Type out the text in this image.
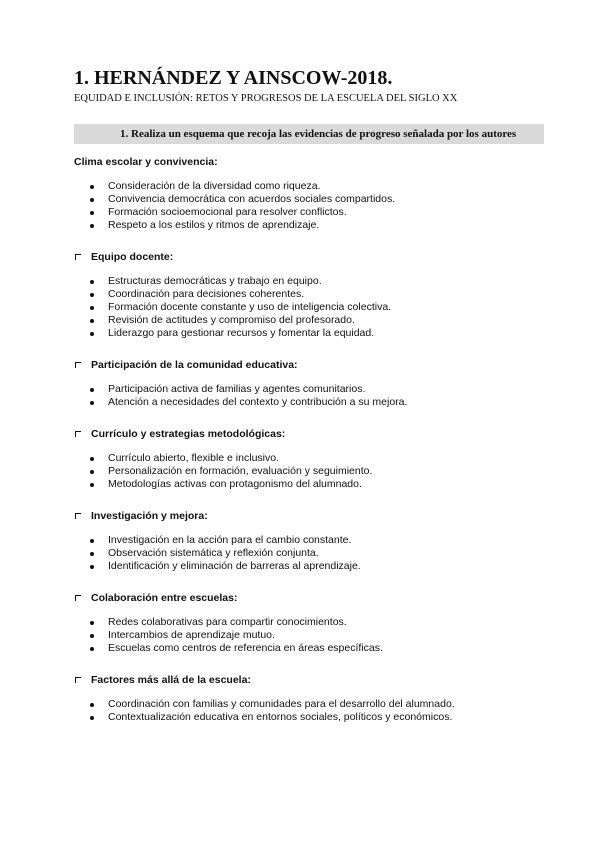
1. HERNÁNDEZ Y AINSCOW-2018.

EQUIDAD E INCLUSIÓN: RETOS Y PROGRESOS DE LA ESCUELA DEL SIGLO XX

1. Realiza un esquema que recoja las evidencias de progreso señalada por los autores
Clima escolar y convivencia:
Consideración de la diversidad como riqueza.
Convivencia democrática con acuerdos sociales compartidos.
Formación socioemocional para resolver conflictos.
Respeto a los estilos y ritmos de aprendizaje.
Equipo docente:
Estructuras democráticas y trabajo en equipo.
Coordinación para decisiones coherentes.
Formación docente constante y uso de inteligencia colectiva.
Revisión de actitudes y compromiso del profesorado.
Liderazgo para gestionar recursos y fomentar la equidad.
Participación de la comunidad educativa:
Participación activa de familias y agentes comunitarios.
Atención a necesidades del contexto y contribución a su mejora.
Currículo y estrategias metodológicas:
Currículo abierto, flexible e inclusivo.
Personalización en formación, evaluación y seguimiento.
Metodologías activas con protagonismo del alumnado.
Investigación y mejora:
Investigación en la acción para el cambio constante.
Observación sistemática y reflexión conjunta.
Identificación y eliminación de barreras al aprendizaje.
Colaboración entre escuelas:
Redes colaborativas para compartir conocimientos.
Intercambios de aprendizaje mutuo.
Escuelas como centros de referencia en áreas específicas.
Factores más allá de la escuela:
Coordinación con familias y comunidades para el desarrollo del alumnado.
Contextualización educativa en entornos sociales, políticos y económicos.
